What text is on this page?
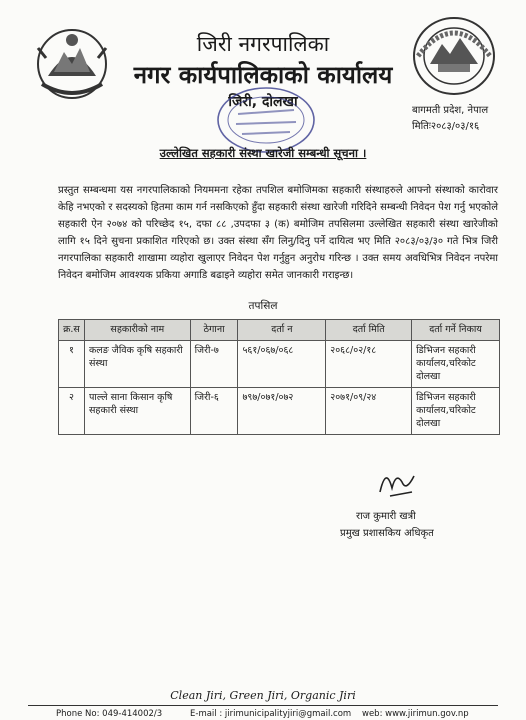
जिरी नगरपालिका
नगर कार्यपालिकाको कार्यालय
जिरी, दोलखा
बागमती प्रदेश, नेपाल
मितिः२०८३/०३/१६
उल्लेखित सहकारी संस्था खारेजी सम्बन्धी सूचना ।
प्रस्तुत सम्बन्धमा यस नगरपालिकाको नियममना रहेका तपशिल बमोजिमका सहकारी संस्थाहरुले आफ्नो संस्थाको कारोवार केहि नभएको र सदस्यको हितमा काम गर्न नसकिएको हुँदा सहकारी संस्था खारेजी गरिदिने सम्बन्धी निवेदन पेश गर्नु भएकोले सहकारी ऐन २०७४ को परिच्छेद १५, दफा ८८ ,उपदफा ३ (क) बमोजिम तपसिलमा उल्लेखित सहकारी संस्था खारेजीको लागि १५ दिने सुचना प्रकाशित गरिएको छ। उक्त संस्था सँग लिनु/दिनु पर्ने दायित्व भए मिति २०८३/०३/३० गते भित्र जिरी नगरपालिका सहकारी शाखामा व्यहोरा खुलाएर निवेदन पेश गर्नुहुन अनुरोध गरिन्छ । उक्त समय अवधिभित्र निवेदन नपरेमा निवेदन बमोजिम आवश्यक प्रकिया अगाडि बढाइने व्यहोरा समेत जानकारी गराइन्छ।
तपसिल
क्र.स	सहकारीको नाम	ठेगाना	दर्ता न	दर्ता मिति	दर्ता गर्ने निकाय
१	कलङ जैविक कृषि सहकारी संस्था	जिरी-७	५६१/०६७/०६८	२०६८/०२/१८	डिभिजन सहकारी कार्यालय,चरिकोट दोलखा
२	पाल्ले साना किसान कृषि सहकारी संस्था	जिरी-६	७९७/०७१/०७२	२०७१/०९/२४	डिभिजन सहकारी कार्यालय,चरिकोट दोलखा
राज कुमारी खत्री
प्रमुख प्रशासकिय अधिकृत
Clean Jiri, Green Jiri, Organic Jiri
Phone No: 049-414002/3	E-mail : jirimunicipalityjiri@gmail.com web: www.jirimun.gov.np
